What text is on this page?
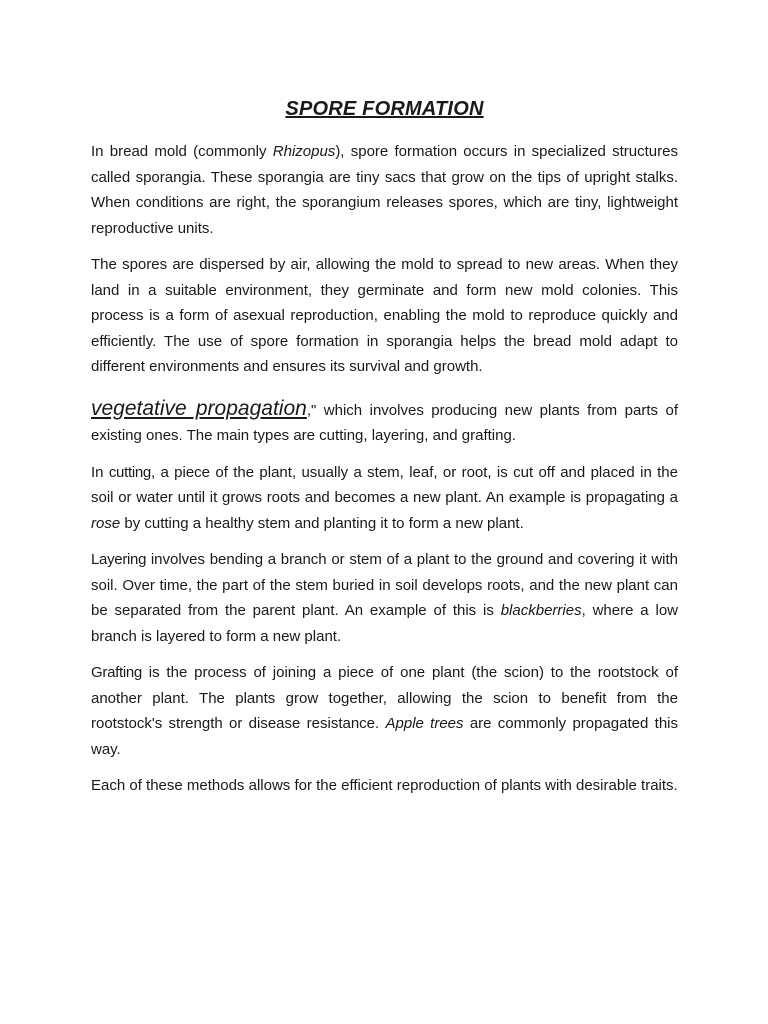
SPORE FORMATION

In bread mold (commonly Rhizopus), spore formation occurs in specialized structures called sporangia. These sporangia are tiny sacs that grow on the tips of upright stalks. When conditions are right, the sporangium releases spores, which are tiny, lightweight reproductive units.

The spores are dispersed by air, allowing the mold to spread to new areas. When they land in a suitable environment, they germinate and form new mold colonies. This process is a form of asexual reproduction, enabling the mold to reproduce quickly and efficiently. The use of spore formation in sporangia helps the bread mold adapt to different environments and ensures its survival and growth.

vegetative propagation," which involves producing new plants from parts of existing ones. The main types are cutting, layering, and grafting.

In cutting, a piece of the plant, usually a stem, leaf, or root, is cut off and placed in the soil or water until it grows roots and becomes a new plant. An example is propagating a rose by cutting a healthy stem and planting it to form a new plant.

Layering involves bending a branch or stem of a plant to the ground and covering it with soil. Over time, the part of the stem buried in soil develops roots, and the new plant can be separated from the parent plant. An example of this is blackberries, where a low branch is layered to form a new plant.

Grafting is the process of joining a piece of one plant (the scion) to the rootstock of another plant. The plants grow together, allowing the scion to benefit from the rootstock's strength or disease resistance. Apple trees are commonly propagated this way.

Each of these methods allows for the efficient reproduction of plants with desirable traits.
